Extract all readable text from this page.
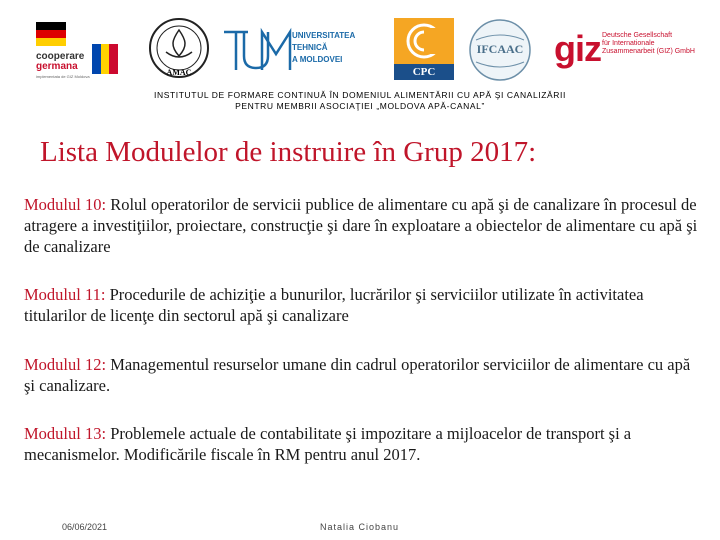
cooperare
germana
implementata de GIZ Moldova	AMAC
UNIVERSITATEA TEHNICĂ
A MOLDOVEI
CPC
IFCAAC giz Deutsche Gesellschaft
für Internationale
Zusammenarbeit (GIZ) GmbH
INSTITUTUL DE FORMARE CONTINUĂ ÎN DOMENIUL ALIMENTĂRII CU APĂ ŞI CANALIZĂRII
PENTRU MEMBRII ASOCIAŢIEI „MOLDOVA APĂ-CANAL”
Lista Modulelor de instruire în Grup 2017:
Modulul 10: Rolul operatorilor de servicii publice de alimentare cu apă şi de canalizare în procesul de atragere a investiţiilor, proiectare, construcţie şi dare în exploatare a obiectelor de alimentare cu apă şi de canalizare
Modulul 11: Procedurile de achiziţie a bunurilor, lucrărilor şi serviciilor utilizate în activitatea titularilor de licenţe din sectorul apă şi canalizare
Modulul 12: Managementul resurselor umane din cadrul operatorilor serviciilor de alimentare cu apă şi canalizare.
Modulul 13: Problemele actuale de contabilitate şi impozitare a mijloacelor de transport şi a mecanismelor. Modificările fiscale în RM pentru anul 2017.
06/06/2021	Natalia Ciobanu
